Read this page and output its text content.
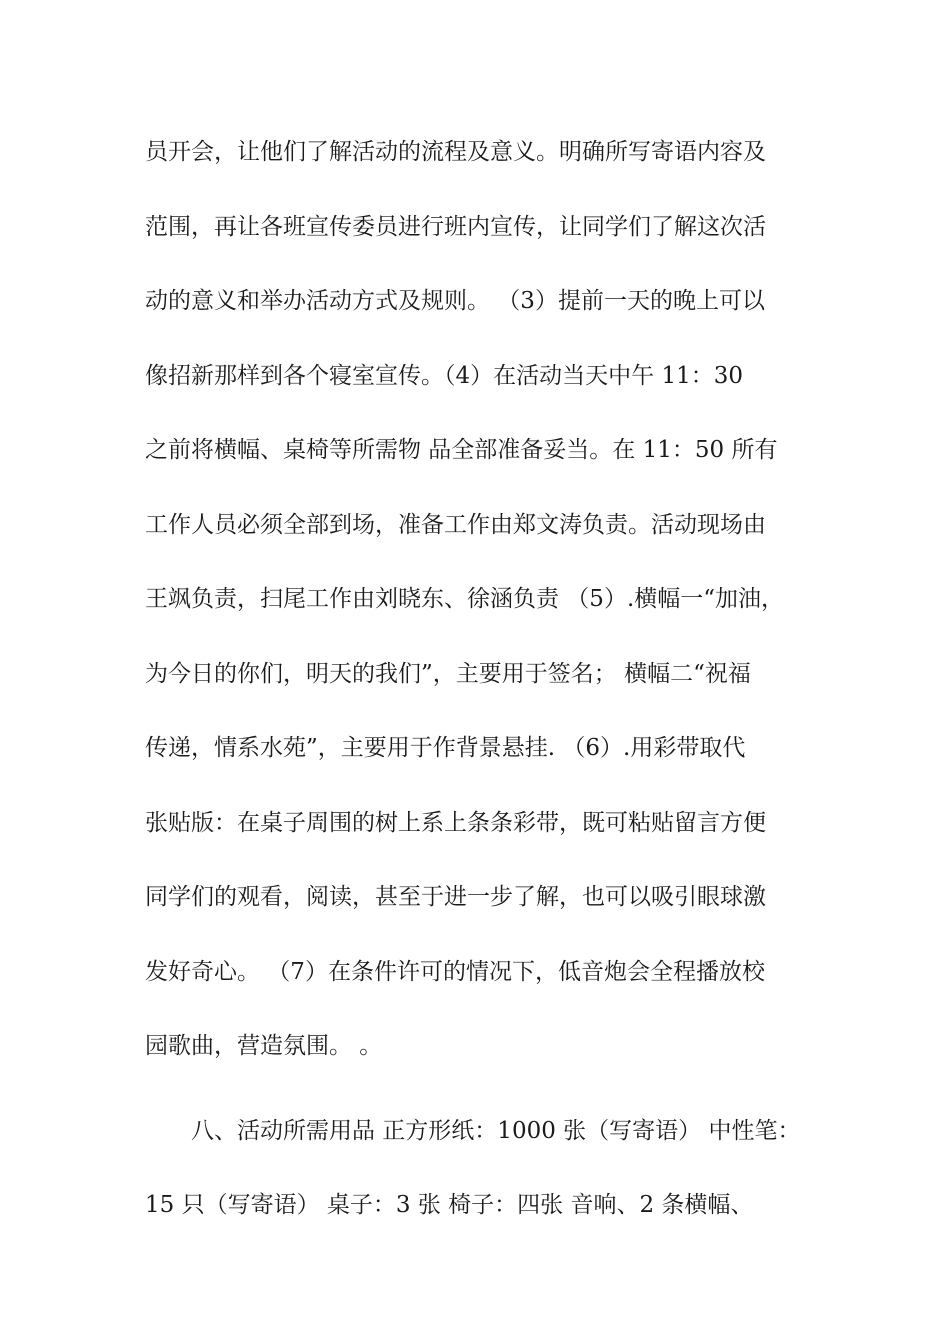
员开会，让他们了解活动的流程及意义。明确所写寄语内容及
范围，再让各班宣传委员进行班内宣传，让同学们了解这次活
动的意义和举办活动方式及规则。 （3）提前一天的晚上可以
像招新那样到各个寝室宣传。（4）在活动当天中午 11：30
之前将横幅、桌椅等所需物 品全部准备妥当。在 11：50 所有
工作人员必须全部到场，准备工作由郑文涛负责。活动现场由
王飒负责，扫尾工作由刘晓东、徐涵负责 （5）.横幅一“加油，
为今日的你们，明天的我们”，主要用于签名； 横幅二“祝福
传递，情系水苑”，主要用于作背景悬挂. （6）.用彩带取代
张贴版：在桌子周围的树上系上条条彩带，既可粘贴留言方便
同学们的观看，阅读，甚至于进一步了解，也可以吸引眼球激
发好奇心。 （7）在条件许可的情况下，低音炮会全程播放校
园歌曲，营造氛围。 。
八、活动所需用品 正方形纸：1000 张（写寄语） 中性笔：
15 只（写寄语） 桌子：3 张 椅子：四张 音响、2 条横幅、
